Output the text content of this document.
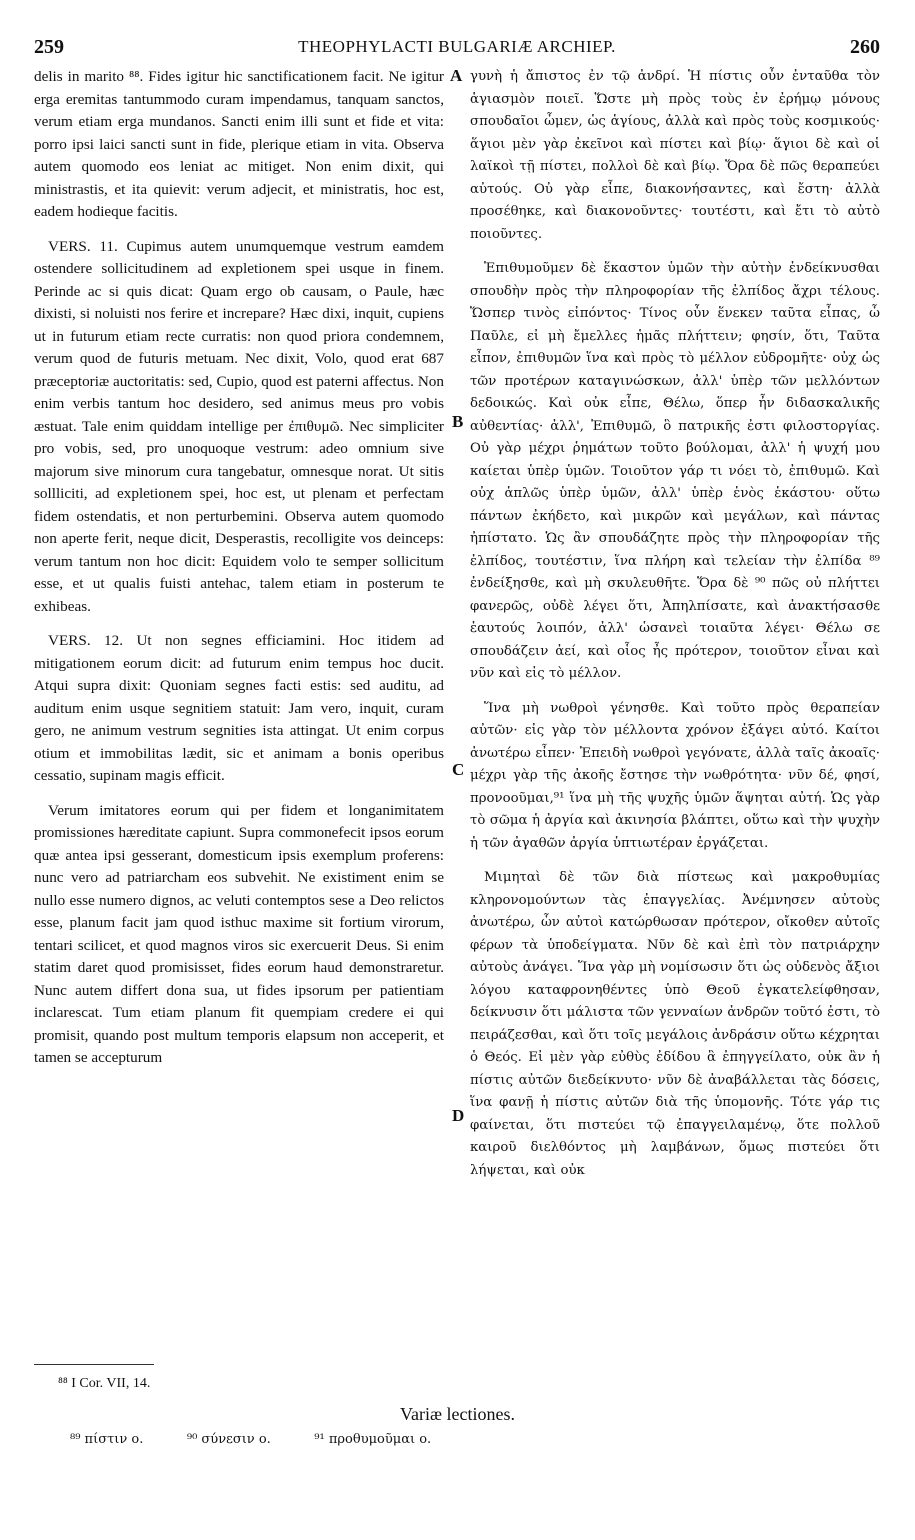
259	THEOPHYLACTI BULGARIÆ ARCHIEP.	260

delis in marito ⁸⁸. Fides igitur hic sanctificationem facit. Ne igitur erga eremitas tantummodo curam impendamus, tanquam sanctos, verum etiam erga mundanos. Sancti enim illi sunt et fide et vita: porro ipsi laici sancti sunt in fide, plerique etiam in vita. Observa autem quomodo eos leniat ac mitiget. Non enim dixit, qui ministrastis, et ita quievit: verum adjecit, et ministratis, hoc est, eadem hodieque facitis.

VERS. 11. Cupimus autem unumquemque vestrum eamdem ostendere sollicitudinem ad expletionem spei usque in finem. Perinde ac si quis dicat: Quam ergo ob causam, o Paule, hæc dixisti, si noluisti nos ferire et increpare? Hæc dixi, inquit, cupiens ut in futurum etiam recte curratis: non quod priora condemnem, verum quod de futuris metuam. Nec dixit, Volo, quod erat 687 præceptoriæ auctoritatis: sed, Cupio, quod est paterni affectus. Non enim verbis tantum hoc desidero, sed animus meus pro vobis æstuat. Tale enim quiddam intellige per ἐπιθυμῶ. Nec simpliciter pro vobis, sed, pro unoquoque vestrum: adeo omnium sive majorum sive minorum cura tangebatur, omnesque norat. Ut sitis sollliciti, ad expletionem spei, hoc est, ut plenam et perfectam fidem ostendatis, et non perturbemini. Observa autem quomodo non aperte ferit, neque dicit, Desperastis, recolligite vos deinceps: verum tantum non hoc dicit: Equidem volo te semper sollicitum esse, et ut qualis fuisti antehac, talem etiam in posterum te exhibeas.

VERS. 12. Ut non segnes efficiamini. Hoc itidem ad mitigationem eorum dicit: ad futurum enim tempus hoc ducit. Atqui supra dixit: Quoniam segnes facti estis: sed auditu, ad auditum enim usque segnitiem statuit: Jam vero, inquit, curam gero, ne animum vestrum segnities ista attingat. Ut enim corpus otium et immobilitas lædit, sic et animam a bonis operibus cessatio, supinam magis efficit.

Verum imitatores eorum qui per fidem et longanimitatem promissiones hæreditate capiunt. Supra commonefecit ipsos eorum quæ antea ipsi gesserant, domesticum ipsis exemplum proferens: nunc vero ad patriarcham eos subvehit. Ne existiment enim se nullo esse numero dignos, ac veluti contemptos sese a Deo relictos esse, planum facit jam quod isthuc maxime sit fortium virorum, tentari scilicet, et quod magnos viros sic exercuerit Deus. Si enim statim daret quod promisisset, fides eorum haud demonstraretur. Nunc autem differt dona sua, ut fides ipsorum per patientiam inclarescat. Tum etiam planum fit quempiam credere ei qui promisit, quando post multum temporis elapsum non acceperit, et tamen se accepturum

γυνὴ ἡ ἄπιστος ἐν τῷ ἀνδρί. Ἡ πίστις οὖν ἐνταῦθα τὸν ἁγιασμὸν ποιεῖ. Ὥστε μὴ πρὸς τοὺς ἐν ἐρήμῳ μόνους σπουδαῖοι ὦμεν, ὡς ἁγίους, ἀλλὰ καὶ πρὸς τοὺς κοσμικούς· ἅγιοι μὲν γὰρ ἐκεῖνοι καὶ πίστει καὶ βίῳ· ἅγιοι δὲ καὶ οἱ λαϊκοὶ τῇ πίστει, πολλοὶ δὲ καὶ βίῳ. Ὅρα δὲ πῶς θεραπεύει αὐτούς. Οὐ γὰρ εἶπε, διακονήσαντες, καὶ ἔστη· ἀλλὰ προσέθηκε, καὶ διακονοῦντες· τουτέστι, καὶ ἔτι τὸ αὐτὸ ποιοῦντες.

Ἐπιθυμοῦμεν δὲ ἕκαστον ὑμῶν τὴν αὐτὴν ἐνδείκνυσθαι σπουδὴν πρὸς τὴν πληροφορίαν τῆς ἐλπίδος ἄχρι τέλους. Ὥσπερ τινὸς εἰπόντος· Τίνος οὖν ἕνεκεν ταῦτα εἶπας, ὦ Παῦλε, εἰ μὴ ἔμελλες ἡμᾶς πλήττειν; φησίν, ὅτι, Ταῦτα εἶπον, ἐπιθυμῶν ἵνα καὶ πρὸς τὸ μέλλον εὐδρομῆτε· οὐχ ὡς τῶν προτέρων καταγινώσκων, ἀλλ' ὑπὲρ τῶν μελλόντων δεδοικώς. Καὶ οὐκ εἶπε, Θέλω, ὅπερ ἦν διδασκαλικῆς αὐθεντίας· ἀλλ', Ἐπιθυμῶ, ὃ πατρικῆς ἐστι φιλοστοργίας. Οὐ γὰρ μέχρι ῥημάτων τοῦτο βούλομαι, ἀλλ' ἡ ψυχή μου καίεται ὑπὲρ ὑμῶν. Τοιοῦτον γάρ τι νόει τὸ, ἐπιθυμῶ. Καὶ οὐχ ἁπλῶς ὑπὲρ ὑμῶν, ἀλλ' ὑπὲρ ἑνὸς ἑκάστου· οὕτω πάντων ἐκήδετο, καὶ μικρῶν καὶ μεγάλων, καὶ πάντας ἠπίστατο. Ὡς ἂν σπουδάζητε πρὸς τὴν πληροφορίαν τῆς ἐλπίδος, τουτέστιν, ἵνα πλήρη καὶ τελείαν τὴν ἐλπίδα ⁸⁹ ἐνδείξησθε, καὶ μὴ σκυλευθῆτε. Ὅρα δὲ ⁹⁰ πῶς οὐ πλήττει φανερῶς, οὐδὲ λέγει ὅτι, Ἀπηλπίσατε, καὶ ἀνακτήσασθε ἑαυτούς λοιπόν, ἀλλ' ὡσανεὶ τοιαῦτα λέγει· Θέλω σε σπουδάζειν ἀεί, καὶ οἷος ἦς πρότερον, τοιοῦτον εἶναι καὶ νῦν καὶ εἰς τὸ μέλλον.

Ἵνα μὴ νωθροὶ γένησθε. Καὶ τοῦτο πρὸς θεραπείαν αὐτῶν· εἰς γὰρ τὸν μέλλοντα χρόνον ἐξάγει αὐτό. Καίτοι ἀνωτέρω εἶπεν· Ἐπειδὴ νωθροὶ γεγόνατε, ἀλλὰ ταῖς ἀκοαῖς· μέχρι γὰρ τῆς ἀκοῆς ἔστησε τὴν νωθρότητα· νῦν δέ, φησί, προνοοῦμαι,⁹¹ ἵνα μὴ τῆς ψυχῆς ὑμῶν ἅψηται αὐτή. Ὡς γὰρ τὸ σῶμα ἡ ἀργία καὶ ἀκινησία βλάπτει, οὕτω καὶ τὴν ψυχὴν ἡ τῶν ἀγαθῶν ἀργία ὑπτιωτέραν ἐργάζεται.

Μιμηταὶ δὲ τῶν διὰ πίστεως καὶ μακροθυμίας κληρονομούντων τὰς ἐπαγγελίας. Ἀνέμνησεν αὐτοὺς ἀνωτέρω, ὧν αὐτοὶ κατώρθωσαν πρότερον, οἴκοθεν αὐτοῖς φέρων τὰ ὑποδείγματα. Νῦν δὲ καὶ ἐπὶ τὸν πατριάρχην αὐτοὺς ἀνάγει. Ἵνα γὰρ μὴ νομίσωσιν ὅτι ὡς οὐδενὸς ἄξιοι λόγου καταφρονηθέντες ὑπὸ Θεοῦ ἐγκατελείφθησαν, δείκνυσιν ὅτι μάλιστα τῶν γενναίων ἀνδρῶν τοῦτό ἐστι, τὸ πειράζεσθαι, καὶ ὅτι τοῖς μεγάλοις ἀνδράσιν οὕτω κέχρηται ὁ Θεός. Εἰ μὲν γὰρ εὐθὺς ἐδίδου ἃ ἐπηγγείλατο, οὐκ ἂν ἡ πίστις αὐτῶν διεδείκνυτο· νῦν δὲ ἀναβάλλεται τὰς δόσεις, ἵνα φανῇ ἡ πίστις αὐτῶν διὰ τῆς ὑπομονῆς. Τότε γάρ τις φαίνεται, ὅτι πιστεύει τῷ ἐπαγγειλαμένῳ, ὅτε πολλοῦ καιροῦ διελθόντος μὴ λαμβάνων, ὅμως πιστεύει ὅτι λήψεται, καὶ οὐκ

A
B
C
D
⁸⁸ I Cor. VII, 14.
Variæ lectiones.
⁸⁹ πίστιν ο.	⁹⁰ σύνεσιν ο.	⁹¹ προθυμοῦμαι ο.
